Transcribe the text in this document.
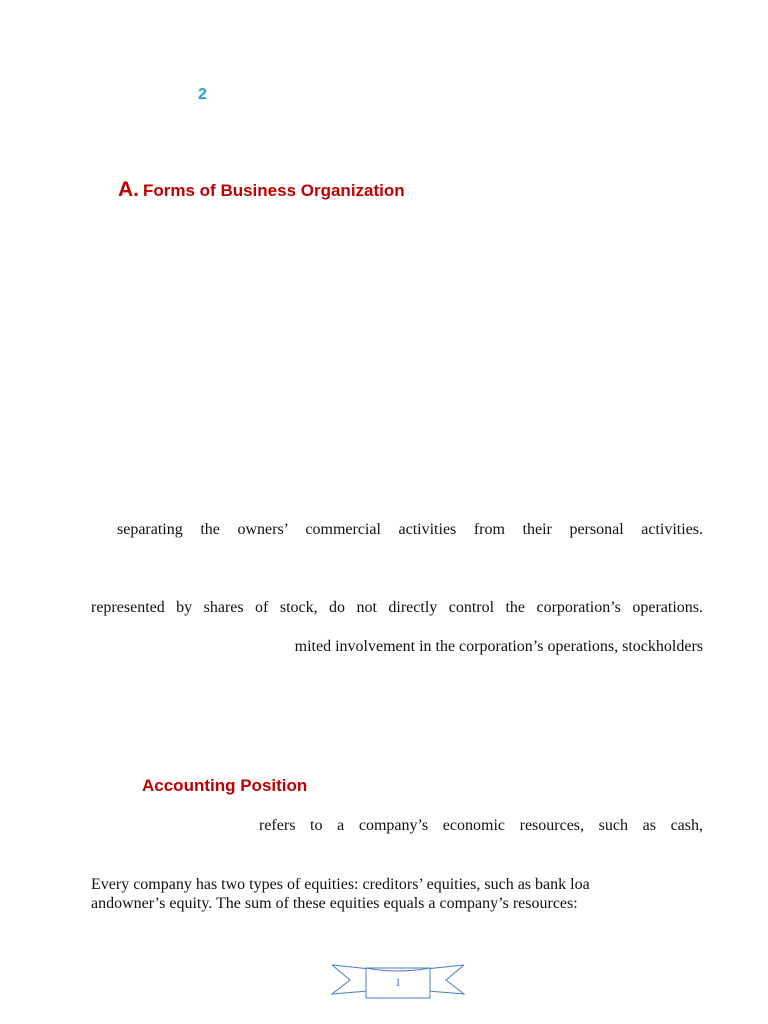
2
A. Forms of Business Organization
separating the owners’ commercial activities from their personal activities.
represented by shares of stock, do not directly control the corporation’s operations.
mited involvement in the corporation’s operations, stockholders
Accounting Position
refers to a company’s economic resources, such as cash,
Every company has two types of equities: creditors’ equities, such as bank loa
andowner’s equity. The sum of these equities equals a company’s resources:
1
